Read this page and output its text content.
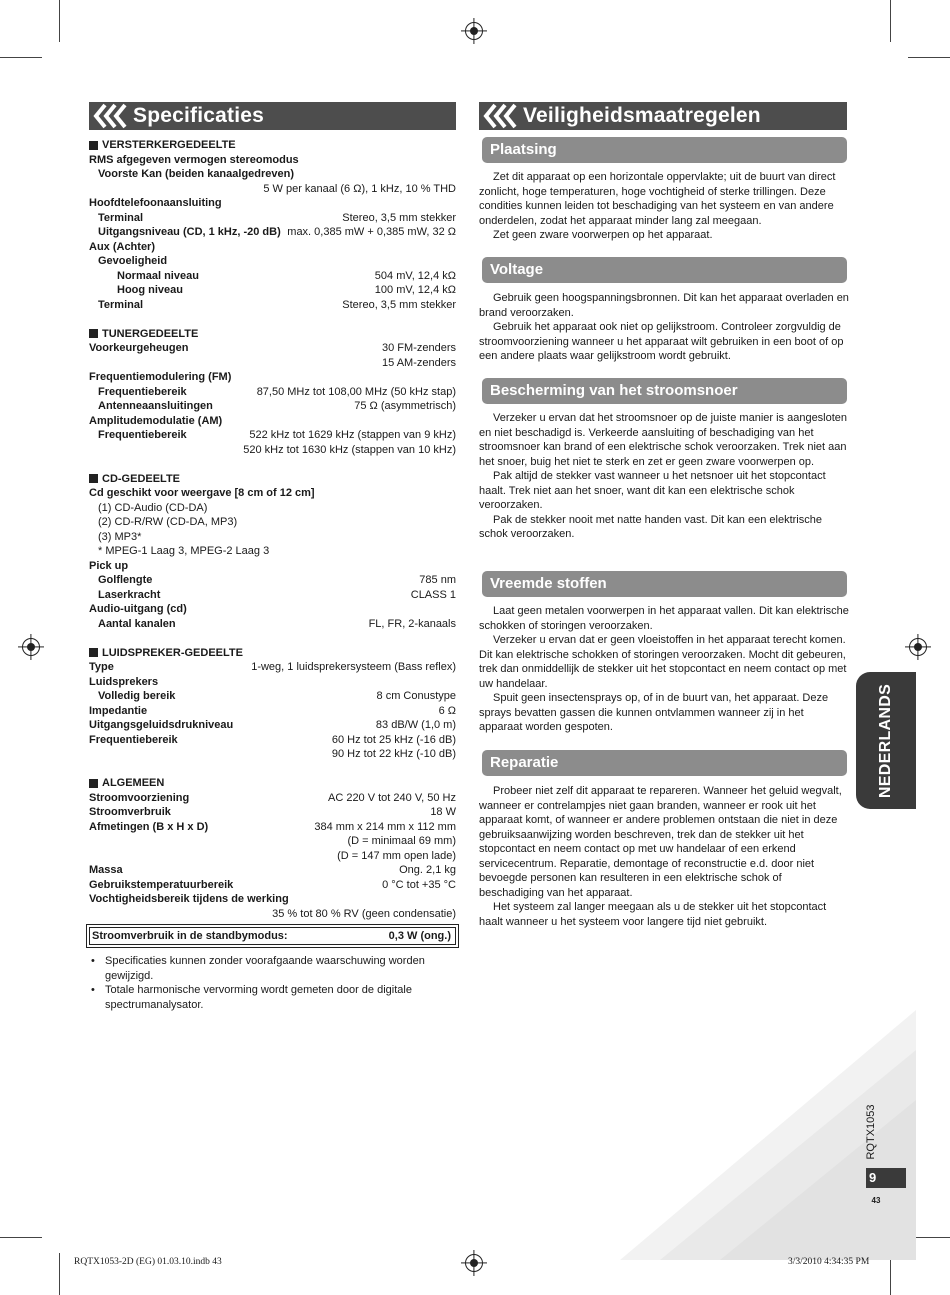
Specificaties
VERSTERKERGEDEELTE
RMS afgegeven vermogen stereomodus
Voorste Kan (beiden kanaalgedreven)
5 W per kanaal (6 Ω), 1 kHz, 10 % THD
Hoofdtelefoonaansluiting
Terminal	Stereo, 3,5 mm stekker
Uitgangsniveau (CD, 1 kHz, -20 dB) max. 0,385 mW + 0,385 mW, 32 Ω
Aux (Achter)
Gevoeligheid
Normaal niveau	504 mV, 12,4 kΩ
Hoog niveau	100 mV, 12,4 kΩ
Terminal	Stereo, 3,5 mm stekker
TUNERGEDEELTE
Voorkeurgeheugen	30 FM-zenders
15 AM-zenders
Frequentiemodulering (FM)
Frequentiebereik	87,50 MHz tot 108,00 MHz (50 kHz stap)
Antenneaansluitingen	75 Ω (asymmetrisch)
Amplitudemodulatie (AM)
Frequentiebereik	522 kHz tot 1629 kHz (stappen van 9 kHz)
520 kHz tot 1630 kHz (stappen van 10 kHz)
CD-GEDEELTE
Cd geschikt voor weergave [8 cm of 12 cm]
(1) CD-Audio (CD-DA)
(2) CD-R/RW (CD-DA, MP3)
(3) MP3*
* MPEG-1 Laag 3, MPEG-2 Laag 3
Pick up
Golflengte	785 nm
Laserkracht	CLASS 1
Audio-uitgang (cd)
Aantal kanalen	FL, FR, 2-kanaals
LUIDSPREKER-GEDEELTE
Type	1-weg, 1 luidsprekersysteem (Bass reflex)
Luidsprekers
Volledig bereik	8 cm Conustype
Impedantie	6 Ω
Uitgangsgeluidsdrukniveau	83 dB/W (1,0 m)
Frequentiebereik	60 Hz tot 25 kHz (-16 dB)
90 Hz tot 22 kHz (-10 dB)
ALGEMEEN
Stroomvoorziening	AC 220 V tot 240 V, 50 Hz
Stroomverbruik	18 W
Afmetingen (B x H x D)	384 mm x 214 mm x 112 mm
(D = minimaal 69 mm)
(D = 147 mm open lade)
Massa	Ong. 2,1 kg
Gebruikstemperatuurbereik	0 °C tot +35 °C
Vochtigheidsbereik tijdens de werking
35 % tot 80 % RV (geen condensatie)
Stroomverbruik in de standbymodus:	0,3 W (ong.)
• Specificaties kunnen zonder voorafgaande waarschuwing worden gewijzigd.
• Totale harmonische vervorming wordt gemeten door de digitale spectrumanalysator.
Veiligheidsmaatregelen
Plaatsing

Zet dit apparaat op een horizontale oppervlakte; uit de buurt van direct zonlicht, hoge temperaturen, hoge vochtigheid of sterke trillingen. Deze condities kunnen leiden tot beschadiging van het systeem en van andere onderdelen, zodat het apparaat minder lang zal meegaan.

Zet geen zware voorwerpen op het apparaat.

Voltage

Gebruik geen hoogspanningsbronnen. Dit kan het apparaat overladen en brand veroorzaken.

Gebruik het apparaat ook niet op gelijkstroom. Controleer zorgvuldig de stroomvoorziening wanneer u het apparaat wilt gebruiken in een boot of op een andere plaats waar gelijkstroom wordt gebruikt.

Bescherming van het stroomsnoer

Verzeker u ervan dat het stroomsnoer op de juiste manier is aangesloten en niet beschadigd is. Verkeerde aansluiting of beschadiging van het stroomsnoer kan brand of een elektrische schok veroorzaken. Trek niet aan het snoer, buig het niet te sterk en zet er geen zware voorwerpen op.

Pak altijd de stekker vast wanneer u het netsnoer uit het stopcontact haalt. Trek niet aan het snoer, want dit kan een elektrische schok veroorzaken.

Pak de stekker nooit met natte handen vast. Dit kan een elektrische schok veroorzaken.

Vreemde stoffen

Laat geen metalen voorwerpen in het apparaat vallen. Dit kan elektrische schokken of storingen veroorzaken.

Verzeker u ervan dat er geen vloeistoffen in het apparaat terecht komen. Dit kan elektrische schokken of storingen veroorzaken. Mocht dit gebeuren, trek dan onmiddellijk de stekker uit het stopcontact en neem contact op met uw handelaar.

Spuit geen insectensprays op, of in de buurt van, het apparaat. Deze sprays bevatten gassen die kunnen ontvlammen wanneer zij in het apparaat worden gespoten.

Reparatie

Probeer niet zelf dit apparaat te repareren. Wanneer het geluid wegvalt, wanneer er contrelampjes niet gaan branden, wanneer er rook uit het apparaat komt, of wanneer er andere problemen ontstaan die niet in deze gebruiksaanwijzing worden beschreven, trek dan de stekker uit het stopcontact en neem contact op met uw handelaar of een erkend servicecentrum. Reparatie, demontage of reconstructie e.d. door niet bevoegde personen kan resulteren in een elektrische schok of beschadiging van het apparaat.

Het systeem zal langer meegaan als u de stekker uit het stopcontact haalt wanneer u het systeem voor langere tijd niet gebruikt.

NEDERLANDS
RQTX1053
9
43
RQTX1053-2D (EG) 01.03.10.indb 43	3/3/2010 4:34:35 PM
